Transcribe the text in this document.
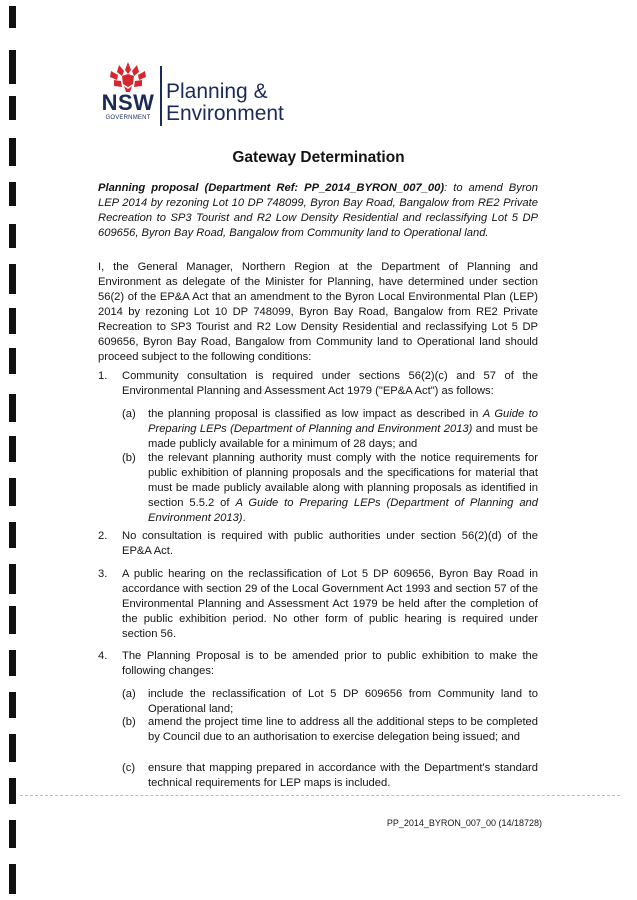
NSW
GOVERNMENT
Planning &
Environment
Gateway Determination
Planning proposal (Department Ref: PP_2014_BYRON_007_00): to amend Byron LEP 2014 by rezoning Lot 10 DP 748099, Byron Bay Road, Bangalow from RE2 Private Recreation to SP3 Tourist and R2 Low Density Residential and reclassifying Lot 5 DP 609656, Byron Bay Road, Bangalow from Community land to Operational land.
I, the General Manager, Northern Region at the Department of Planning and Environment as delegate of the Minister for Planning, have determined under section 56(2) of the EP&A Act that an amendment to the Byron Local Environmental Plan (LEP) 2014 by rezoning Lot 10 DP 748099, Byron Bay Road, Bangalow from RE2 Private Recreation to SP3 Tourist and R2 Low Density Residential and reclassifying Lot 5 DP 609656, Byron Bay Road, Bangalow from Community land to Operational land should proceed subject to the following conditions:
1. Community consultation is required under sections 56(2)(c) and 57 of the Environmental Planning and Assessment Act 1979 ("EP&A Act") as follows:
(a) the planning proposal is classified as low impact as described in A Guide to Preparing LEPs (Department of Planning and Environment 2013) and must be made publicly available for a minimum of 28 days; and
(b) the relevant planning authority must comply with the notice requirements for public exhibition of planning proposals and the specifications for material that must be made publicly available along with planning proposals as identified in section 5.5.2 of A Guide to Preparing LEPs (Department of Planning and Environment 2013).
2. No consultation is required with public authorities under section 56(2)(d) of the EP&A Act.
3. A public hearing on the reclassification of Lot 5 DP 609656, Byron Bay Road in accordance with section 29 of the Local Government Act 1993 and section 57 of the Environmental Planning and Assessment Act 1979 be held after the completion of the public exhibition period. No other form of public hearing is required under section 56.
4. The Planning Proposal is to be amended prior to public exhibition to make the following changes:
(a) include the reclassification of Lot 5 DP 609656 from Community land to Operational land;
(b) amend the project time line to address all the additional steps to be completed by Council due to an authorisation to exercise delegation being issued; and
(c) ensure that mapping prepared in accordance with the Department's standard technical requirements for LEP maps is included.
PP_2014_BYRON_007_00 (14/18728)
